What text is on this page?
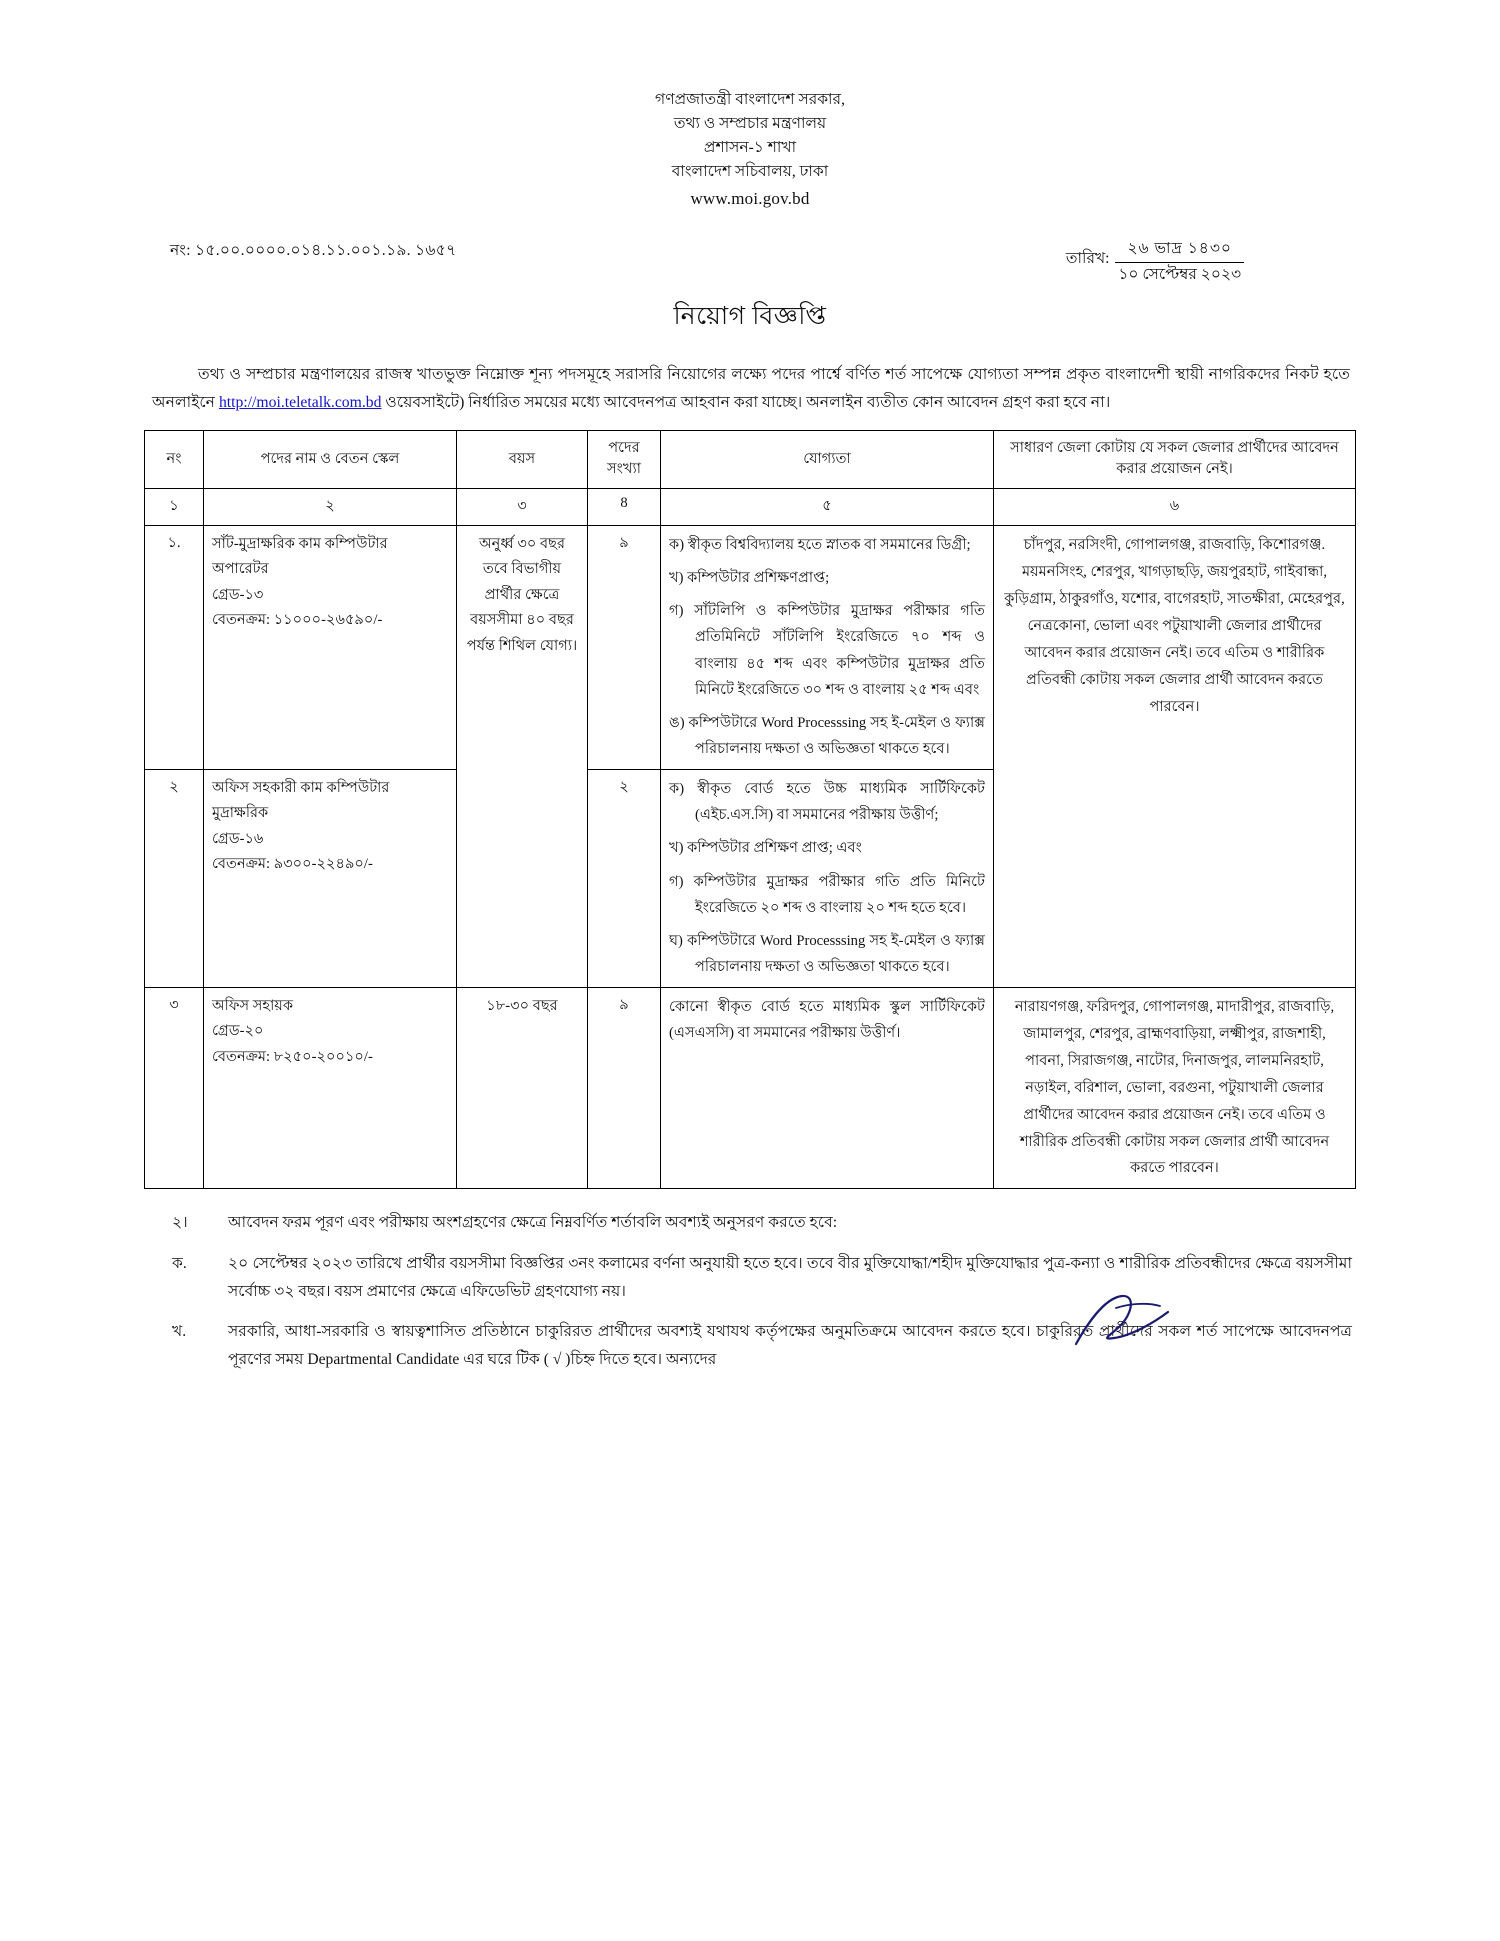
গণপ্রজাতন্ত্রী বাংলাদেশ সরকার,
তথ্য ও সম্প্রচার মন্ত্রণালয়
প্রশাসন-১ শাখা
বাংলাদেশ সচিবালয়, ঢাকা
www.moi.gov.bd
নং: ১৫.০০.০০০০.০১৪.১১.০০১.১৯. ১৬৫৭	তারিখ:
২৬ ভাদ্র ১৪৩০
১০ সেপ্টেম্বর ২০২৩
নিয়োগ বিজ্ঞপ্তি
তথ্য ও সম্প্রচার মন্ত্রণালয়ের রাজস্ব খাতভুক্ত নিম্নোক্ত শূন্য পদসমূহে সরাসরি নিয়োগের লক্ষ্যে পদের পার্শ্বে বর্ণিত শর্ত সাপেক্ষে যোগ্যতা সম্পন্ন প্রকৃত বাংলাদেশী স্থায়ী নাগরিকদের নিকট হতে অনলাইনে http://moi.teletalk.com.bd ওয়েবসাইটে) নির্ধারিত সময়ের মধ্যে আবেদনপত্র আহবান করা যাচ্ছে। অনলাইন ব্যতীত কোন আবেদন গ্রহণ করা হবে না।
নং	পদের নাম ও বেতন স্কেল	বয়স	পদের সংখ্যা	যোগ্যতা	সাধারণ জেলা কোটায় যে সকল জেলার প্রার্থীদের আবেদন করার প্রয়োজন নেই।
১	২	৩	8	৫	৬
১.	সাঁট-মুদ্রাক্ষরিক কাম কম্পিউটার
অপারেটর
গ্রেড-১৩
বেতনক্রম: ১১০০০-২৬৫৯০/-
	অনুর্ধ্ব ৩০ বছর তবে বিভাগীয় প্রার্থীর ক্ষেত্রে বয়সসীমা ৪০ বছর পর্যন্ত শিথিল যোগ্য।	৯	ক) স্বীকৃত বিশ্ববিদ্যালয় হতে স্নাতক বা সমমানের ডিগ্রী;

খ) কম্পিউটার প্রশিক্ষণপ্রাপ্ত;

গ) সাঁটলিপি ও কম্পিউটার মুদ্রাক্ষর পরীক্ষার গতি প্রতিমিনিটে সাঁটলিপি ইংরেজিতে ৭০ শব্দ ও বাংলায় ৪৫ শব্দ এবং কম্পিউটার মুদ্রাক্ষর প্রতি মিনিটে ইংরেজিতে ৩০ শব্দ ও বাংলায় ২৫ শব্দ এবং

ঙ) কম্পিউটারে Word Processsing সহ ই-মেইল ও ফ্যাক্স পরিচালনায় দক্ষতা ও অভিজ্ঞতা থাকতে হবে।

	চাঁদপুর, নরসিংদী, গোপালগঞ্জ, রাজবাড়ি, কিশোরগঞ্জ. ময়মনসিংহ, শেরপুর, খাগড়াছড়ি, জয়পুরহাট, গাইবান্ধা, কুড়িগ্রাম, ঠাকুরগাঁও, যশোর, বাগেরহাট, সাতক্ষীরা, মেহেরপুর, নেত্রকোনা, ভোলা এবং পটুয়াখালী জেলার প্রার্থীদের আবেদন করার প্রয়োজন নেই। তবে এতিম ও শারীরিক প্রতিবন্ধী কোটায় সকল জেলার প্রার্থী আবেদন করতে পারবেন।
২	অফিস সহকারী কাম কম্পিউটার
মুদ্রাক্ষরিক
গ্রেড-১৬
বেতনক্রম: ৯৩০০-২২৪৯০/-
	২	ক) স্বীকৃত বোর্ড হতে উচ্চ মাধ্যমিক সার্টিফিকেট (এইচ.এস.সি) বা সমমানের পরীক্ষায় উত্তীর্ণ;

খ) কম্পিউটার প্রশিক্ষণ প্রাপ্ত; এবং

গ) কম্পিউটার মুদ্রাক্ষর পরীক্ষার গতি প্রতি মিনিটে ইংরেজিতে ২০ শব্দ ও বাংলায় ২০ শব্দ হতে হবে।

ঘ) কম্পিউটারে Word Processsing সহ ই-মেইল ও ফ্যাক্স পরিচালনায় দক্ষতা ও অভিজ্ঞতা থাকতে হবে।

৩	অফিস সহায়ক
গ্রেড-২০
বেতনক্রম: ৮২৫০-২০০১০/-
	১৮-৩০ বছর	৯	কোনো স্বীকৃত বোর্ড হতে মাধ্যমিক স্কুল সার্টিফিকেট (এসএসসি) বা সমমানের পরীক্ষায় উত্তীর্ণ।

	নারায়ণগঞ্জ, ফরিদপুর, গোপালগঞ্জ, মাদারীপুর, রাজবাড়ি, জামালপুর, শেরপুর, ব্রাহ্মণবাড়িয়া, লক্ষ্মীপুর, রাজশাহী, পাবনা, সিরাজগঞ্জ, নাটোর, দিনাজপুর, লালমনিরহাট, নড়াইল, বরিশাল, ভোলা, বরগুনা, পটুয়াখালী জেলার প্রার্থীদের আবেদন করার প্রয়োজন নেই। তবে এতিম ও শারীরিক প্রতিবন্ধী কোটায় সকল জেলার প্রার্থী আবেদন করতে পারবেন।
২।	আবেদন ফরম পূরণ এবং পরীক্ষায় অংশগ্রহণের ক্ষেত্রে নিম্নবর্ণিত শর্তাবলি অবশ্যই অনুসরণ করতে হবে:
ক.	২০ সেপ্টেম্বর ২০২৩ তারিখে প্রার্থীর বয়সসীমা বিজ্ঞপ্তির ৩নং কলামের বর্ণনা অনুযায়ী হতে হবে। তবে বীর মুক্তিযোদ্ধা/শহীদ মুক্তিযোদ্ধার পুত্র-কন্যা ও শারীরিক প্রতিবন্ধীদের ক্ষেত্রে বয়সসীমা সর্বোচ্চ ৩২ বছর। বয়স প্রমাণের ক্ষেত্রে এফিডেভিট গ্রহণযোগ্য নয়।
খ.	সরকারি, আধা-সরকারি ও স্বায়ত্বশাসিত প্রতিষ্ঠানে চাকুরিরত প্রার্থীদের অবশ্যই যথাযথ কর্তৃপক্ষের অনুমতিক্রমে আবেদন করতে হবে। চাকুরিরত প্রার্থীদের সকল শর্ত সাপেক্ষে আবেদনপত্র পূরণের সময় Departmental Candidate এর ঘরে টিক ( √ )চিহ্ন দিতে হবে। অন্যদের
